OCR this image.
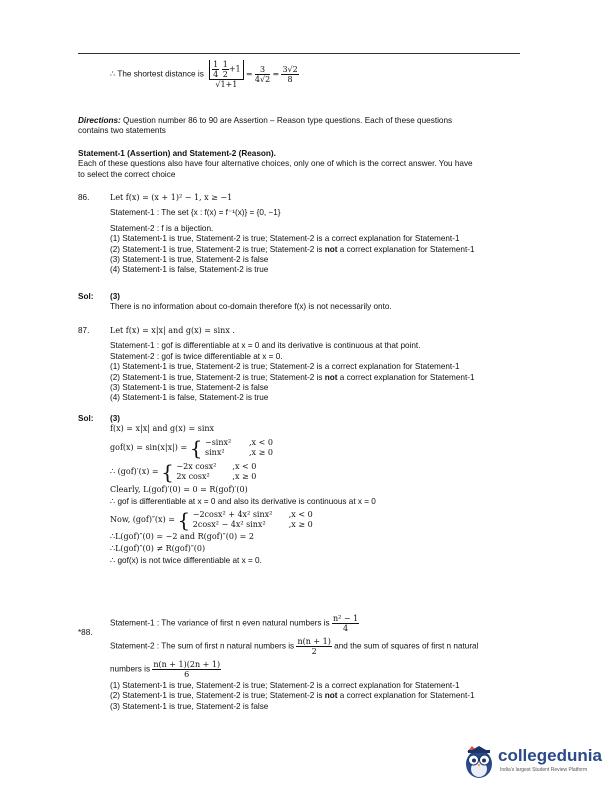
∴ The shortest distance is $\frac{1}{4}$
$\frac{1}{2} +1$
$√1+1 = \frac{3}{4√2} = \frac{3√2}{8}$
Directions: Question number 86 to 90 are Assertion – Reason type questions. Each of these questions
contains two statements
Statement-1 (Assertion) and Statement-2 (Reason).
Each of these questions also have four alternative choices, only one of which is the correct answer. You have
to select the correct choice
86.	Let f(x) = (x + 1)² − 1, x ≥ −1
Statement-1 : The set {x : f(x) = f⁻¹(x)} = {0, −1}
Statement-2 : f is a bijection.
(1) Statement-1 is true, Statement-2 is true; Statement-2 is a correct explanation for Statement-1
(2) Statement-1 is true, Statement-2 is true; Statement-2 is not a correct explanation for Statement-1
(3) Statement-1 is true, Statement-2 is false
(4) Statement-1 is false, Statement-2 is true
Sol: (3)
There is no information about co-domain therefore f(x) is not necessarily onto.
87.	Let f(x) = x|x| and g(x) = sinx .
Statement-1 : gof is differentiable at x = 0 and its derivative is continuous at that point.
Statement-2 : gof is twice differentiable at x = 0.
(1) Statement-1 is true, Statement-2 is true; Statement-2 is a correct explanation for Statement-1
(2) Statement-1 is true, Statement-2 is true; Statement-2 is not a correct explanation for Statement-1
(3) Statement-1 is true, Statement-2 is false
(4) Statement-1 is false, Statement-2 is true
Sol: (3)
f(x) = x|x| and g(x) = sinx
gof(x) = sin(x|x|) = { −sinx² ,x < 0
sinx²	,x ≥ 0
∴ (gof)′(x) = { −2x cosx² ,x < 0
2x cosx²	,x ≥ 0
Clearly, L(gof)′(0) = 0 = R(gof)′(0)
∴ gof is differentiable at x = 0 and also its derivative is continuous at x = 0
Now, (gof)″(x) = { −2cosx² + 4x² sinx² ,x < 0
2cosx² − 4x² sinx²	,x ≥ 0
∴L(gof)″(0) = −2 and R(gof)″(0) = 2
∴L(gof)″(0) ≠ R(gof)″(0)
∴ gof(x) is not twice differentiable at x = 0.
*88.
Statement-1 : The variance of first n even natural numbers is $\frac{\text{n² − 1}}{4}$
Statement-2 : The sum of first n natural numbers is $\frac{n(n + 1)}{2}$ and the sum of squares of first n natural
numbers is $\frac{n(n + 1)(2n + 1)}{6}$
(1) Statement-1 is true, Statement-2 is true; Statement-2 is a correct explanation for Statement-1
(2) Statement-1 is true, Statement-2 is true; Statement-2 is not a correct explanation for Statement-1
(3) Statement-1 is true, Statement-2 is false
collegedunia
India's largest Student Review Platform
